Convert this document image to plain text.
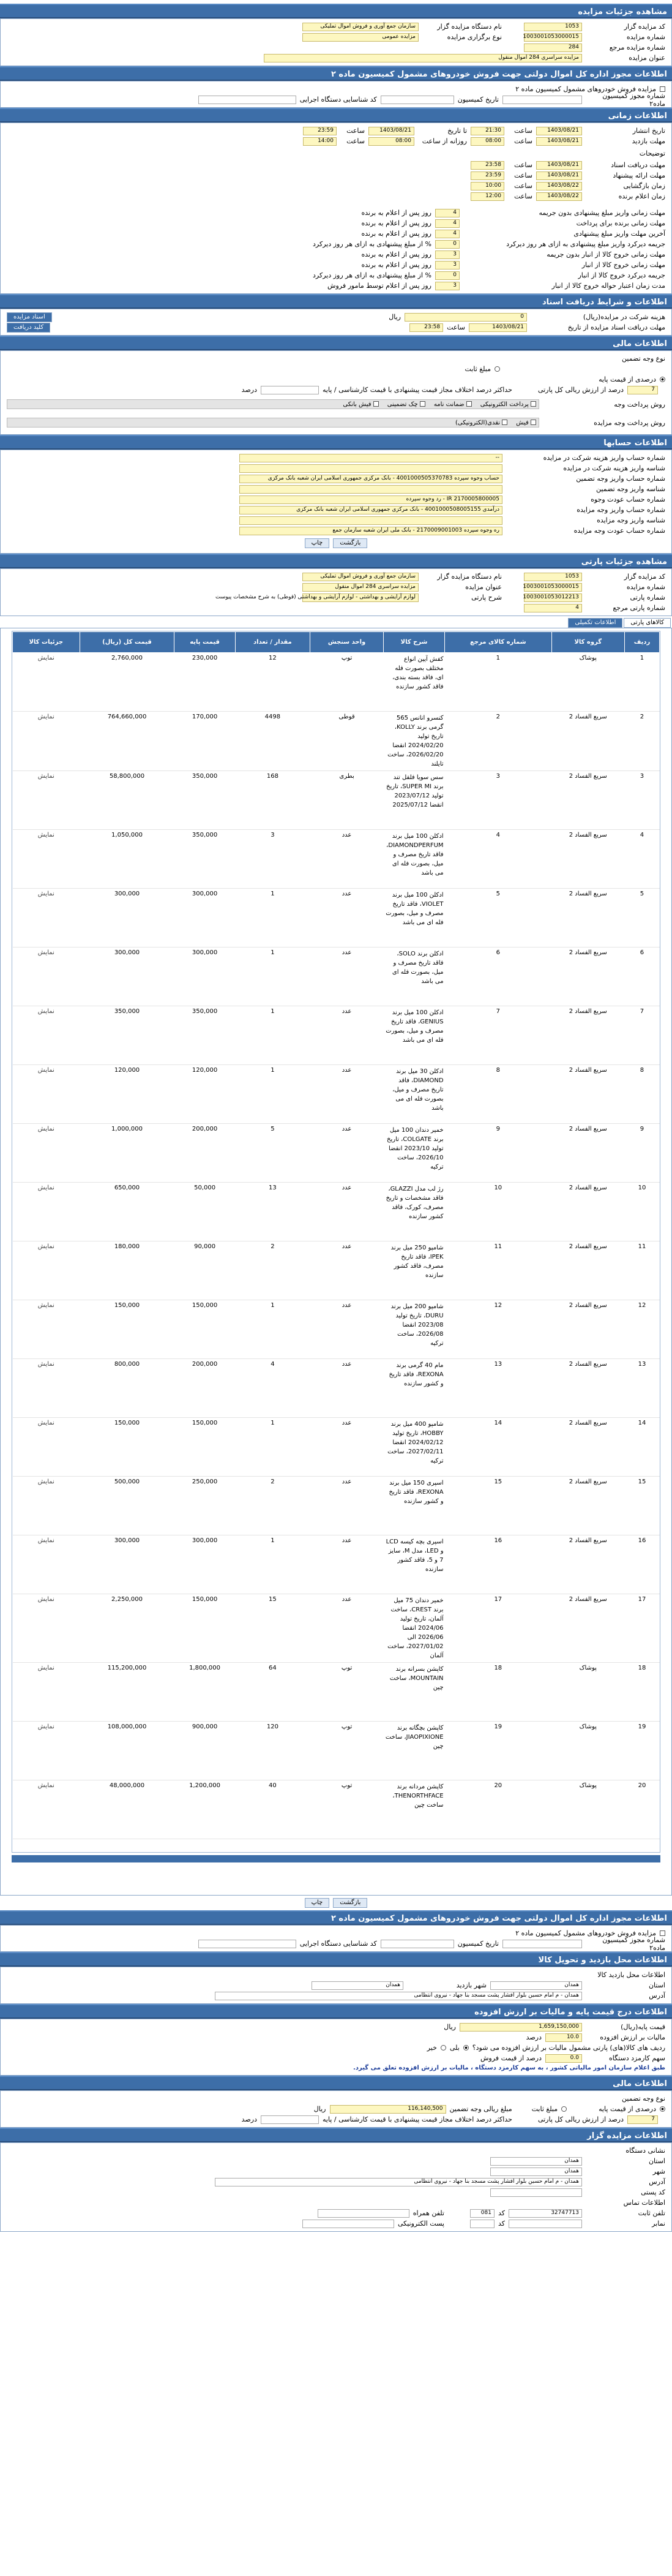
مشاهده جزئیات مزایده
کد مزایده گزار
1053
نام دستگاه مزایده گزار
سازمان جمع آوری و فروش اموال تملیکی
شماره مزایده
1003001053000015
نوع برگزاری مزایده
مزایده عمومی
شماره مزایده مرجع
284
عنوان مزایده
مزایده سراسری 284 اموال منقول
اطلاعات مجوز اداره کل اموال دولتی جهت فروش خودروهای مشمول کمیسیون ماده ۲
مزایده فروش خودروهای مشمول کمیسیون ماده ۲
شماره مجوز کمیسیون ماده۲
تاریخ کمیسیون
کد شناسایی دستگاه اجرایی
اطلاعات زمانی
تاریخ انتشار
1403/08/21
ساعت
21:30
تا تاریخ
1403/08/21
ساعت
23:59
مهلت بازدید
1403/08/21
ساعت
08:00
روزانه از ساعت
08:00
ساعت
14:00
توضیحات
مهلت دریافت اسناد
1403/08/21
ساعت
23:58
مهلت ارائه پیشنهاد
1403/08/21
ساعت
23:59
زمان بازگشایی
1403/08/22
ساعت
10:00
زمان اعلام برنده
1403/08/22
ساعت
12:00
مهلت زمانی واریز مبلغ پیشنهادی بدون جریمه
4
روز پس از اعلام به برنده
مهلت زمانی برنده برای پرداخت
4
روز پس از اعلام به برنده
آخرین مهلت واریز مبلغ پیشنهادی
4
روز پس از اعلام به برنده
جریمه دیرکرد واریز مبلغ پیشنهادی به ازای هر روز دیرکرد
0
% از مبلغ پیشنهادی به ازای هر روز دیرکرد
مهلت زمانی خروج کالا از انبار بدون جریمه
3
روز پس از اعلام به برنده
مهلت زمانی خروج کالا از انبار
3
روز پس از اعلام به برنده
جریمه دیرکرد خروج کالا از انبار
0
% از مبلغ پیشنهادی به ازای هر روز دیرکرد
مدت زمان اعتبار حواله خروج کالا از انبار
3
روز پس از اعلام توسط مامور فروش
اطلاعات و شرایط دریافت اسناد
هزینه شرکت در مزایده(ریال)
0
ریال
اسناد مزایده
مهلت دریافت اسناد مزایده از تاریخ
1403/08/21
ساعت
23:58
کلید دریافت
اطلاعات مالی
نوع وجه تضمین
مبلغ ثابت
درصدی از قیمت پایه
7
درصد از ارزش ریالی کل پارتی
حداکثر درصد اختلاف مجاز قیمت پیشنهادی با قیمت کارشناسی / پایه
درصد
روش پرداخت وجه
پرداخت الکترونیکی
ضمانت نامه
چک تضمینی
فیش بانکی
روش پرداخت وجه مزایده
فیش
نقدی(الکترونیکی)
اطلاعات حسابها
شماره حساب واریز هزینه شرکت در مزایده
--
شناسه واریز هزینه شرکت در مزایده
شماره حساب واریز وجه تضمین
حساب وجوه سپرده 4001000505370783 - بانک مرکزی جمهوری اسلامی ایران شعبه بانک مرکزی
شناسه واریز وجه تضمین
شماره حساب عودت وجوه
IR 2170005800005 - رد وجوه سپرده
شماره حساب واریز وجه مزایده
درآمدی 4001000508005155 - بانک مرکزی جمهوری اسلامی ایران شعبه بانک مرکزی
شناسه واریز وجه مزایده
شماره حساب عودت وجه مزایده
ره وجوه سپرده 2170009001003 - بانک ملی ایران شعبه سازمان جمع
بازگشت
چاپ
مشاهده جزئیات پارتی
کد مزایده گزار
1053
نام دستگاه مزایده گزار
سازمان جمع آوری و فروش اموال تملیکی
شماره مزایده
1003001053000015
عنوان مزایده
مزایده سراسری 284 اموال منقول
شماره پارتی
1003001053012213
شرح پارتی
لوازم آرایشی و بهداشتی - لوازم آرایشی و بهداشتی (قوطی) به شرح مشخصات پیوست
شماره پارتی مرجع
4
کالاهای پارتی
اطلاعات تکمیلی
ردیف	گروه کالا	شماره کالای مرجع	شرح کالا	واحد سنجش	مقدار / تعداد	قیمت پایه	قیمت کل (ریال)	جزئیات کالا
1	پوشاک	1	کفش آیین انواع مختلف بصورت فله ای، فاقد بسته بندی، فاقد کشور سازنده	توپ	12	230,000	2,760,000	نمایش
2	سریع الفساد 2	2	کنسرو انانس 565 گرمی برند KOLLY، تاریخ تولید 2024/02/20 انقضا 2026/02/20، ساخت تایلند	قوطی	4498	170,000	764,660,000	نمایش
3	سریع الفساد 2	3	سس سویا فلفل تند برند SUPER MI، تاریخ تولید 2023/07/12 انقضا 2025/07/12	بطری	168	350,000	58,800,000	نمایش
4	سریع الفساد 2	4	ادکلن 100 میل برند DIAMONDPERFUM، فاقد تاریخ مصرف و میل، بصورت فله ای می باشد	عدد	3	350,000	1,050,000	نمایش
5	سریع الفساد 2	5	ادکلن 100 میل برند VIOLET، فاقد تاریخ مصرف و میل، بصورت فله ای می باشد	عدد	1	300,000	300,000	نمایش
6	سریع الفساد 2	6	ادکلن برند SOLO، فاقد تاریخ مصرف و میل، بصورت فله ای می باشد	عدد	1	300,000	300,000	نمایش
7	سریع الفساد 2	7	ادکلن 100 میل برند GENIUS، فاقد تاریخ مصرف و میل، بصورت فله ای می باشد	عدد	1	350,000	350,000	نمایش
8	سریع الفساد 2	8	ادکلن 30 میل برند DIAMOND، فاقد تاریخ مصرف و میل، بصورت فله ای می باشد	عدد	1	120,000	120,000	نمایش
9	سریع الفساد 2	9	خمیر دندان 100 میل برند COLGATE، تاریخ تولید 2023/10 انقضا 2026/10، ساخت ترکیه	عدد	5	200,000	1,000,000	نمایش
10	سریع الفساد 2	10	رژ لب مدل GLAZZI، فاقد مشخصات و تاریخ مصرف، کورک، فاقد کشور سازنده	عدد	13	50,000	650,000	نمایش
11	سریع الفساد 2	11	شامپو 250 میل برند IPEK، فاقد تاریخ مصرف، فاقد کشور سازنده	عدد	2	90,000	180,000	نمایش
12	سریع الفساد 2	12	شامپو 200 میل برند DURU، تاریخ تولید 2023/08 انقضا 2026/08، ساخت ترکیه	عدد	1	150,000	150,000	نمایش
13	سریع الفساد 2	13	مام 40 گرمی برند REXONA، فاقد تاریخ و کشور سازنده	عدد	4	200,000	800,000	نمایش
14	سریع الفساد 2	14	شامپو 400 میل برند HOBBY، تاریخ تولید 2024/02/12 انقضا 2027/02/11، ساخت ترکیه	عدد	1	150,000	150,000	نمایش
15	سریع الفساد 2	15	اسپری 150 میل برند REXONA، فاقد تاریخ و کشور سازنده	عدد	2	250,000	500,000	نمایش
16	سریع الفساد 2	16	اسپری بچه کیسه LCD و LED، مدل M، سایز 7 و 5، فاقد کشور سازنده	عدد	1	300,000	300,000	نمایش
17	سریع الفساد 2	17	خمیر دندان 75 میل برند CREST، ساخت آلمان، تاریخ تولید 2024/06 انقضا 2026/06 الی 2027/01/02، ساخت آلمان	عدد	15	150,000	2,250,000	نمایش
18	پوشاک	18	کاپشن بسرانه برند MOUNTAIN، ساخت چین	توپ	64	1,800,000	115,200,000	نمایش
19	پوشاک	19	کاپشن بچگانه برند JIAOPIXIONE، ساخت چین	توپ	120	900,000	108,000,000	نمایش
20	پوشاک	20	کاپشن مردانه برند THENORTHFACE، ساخت چین	توپ	40	1,200,000	48,000,000	نمایش
بازگشت
چاپ
اطلاعات مجوز اداره کل اموال دولتی جهت فروش خودروهای مشمول کمیسیون ماده ۲
مزایده فروش خودروهای مشمول کمیسیون ماده ۲
شماره مجوز کمیسیون ماده۲
تاریخ کمیسیون
کد شناسایی دستگاه اجرایی
اطلاعات محل بازدید و تحویل کالا
اطلاعات محل بازدید کالا
استان
همدان
شهر بازدید
همدان
آدرس
همدان - م امام حسین بلوار افشار پشت مسجد بنا جهاد - نیروی انتظامی
اطلاعات درج قیمت پایه و مالیات بر ارزش افزوده
قیمت پایه(ریال)
1,659,150,000
ریال
مالیات بر ارزش افزوده
10.0
درصد
ردیف های کالا(های) پارتی مشمول مالیات بر ارزش افزوده می شود؟
بلی
خیر
سهم کارمزد دستگاه
0.0
درصد از قیمت فروش
طبق اعلام سازمان امور مالیاتی کشور ، به سهم کارمزد دستگاه ، مالیات بر ارزش افزوده تعلق می گیرد.
اطلاعات مالی
نوع وجه تضمین
درصدی از قیمت پایه
مبلغ ثابت
مبلغ ریالی وجه تضمین
116,140,500
ریال
7
درصد از ارزش ریالی کل پارتی
حداکثر درصد اختلاف مجاز قیمت پیشنهادی با قیمت کارشناسی / پایه
درصد
اطلاعات مزایده گزار
نشانی دستگاه
استان
همدان
شهر
همدان
آدرس
همدان - م امام حسین بلوار افشار پشت مسجد بنا جهاد - نیروی انتظامی
کد پستی
اطلاعات تماس
تلفن ثابت
32747713
کد
081
تلفن همراه
نمابر
کد
پست الکترونیکی
